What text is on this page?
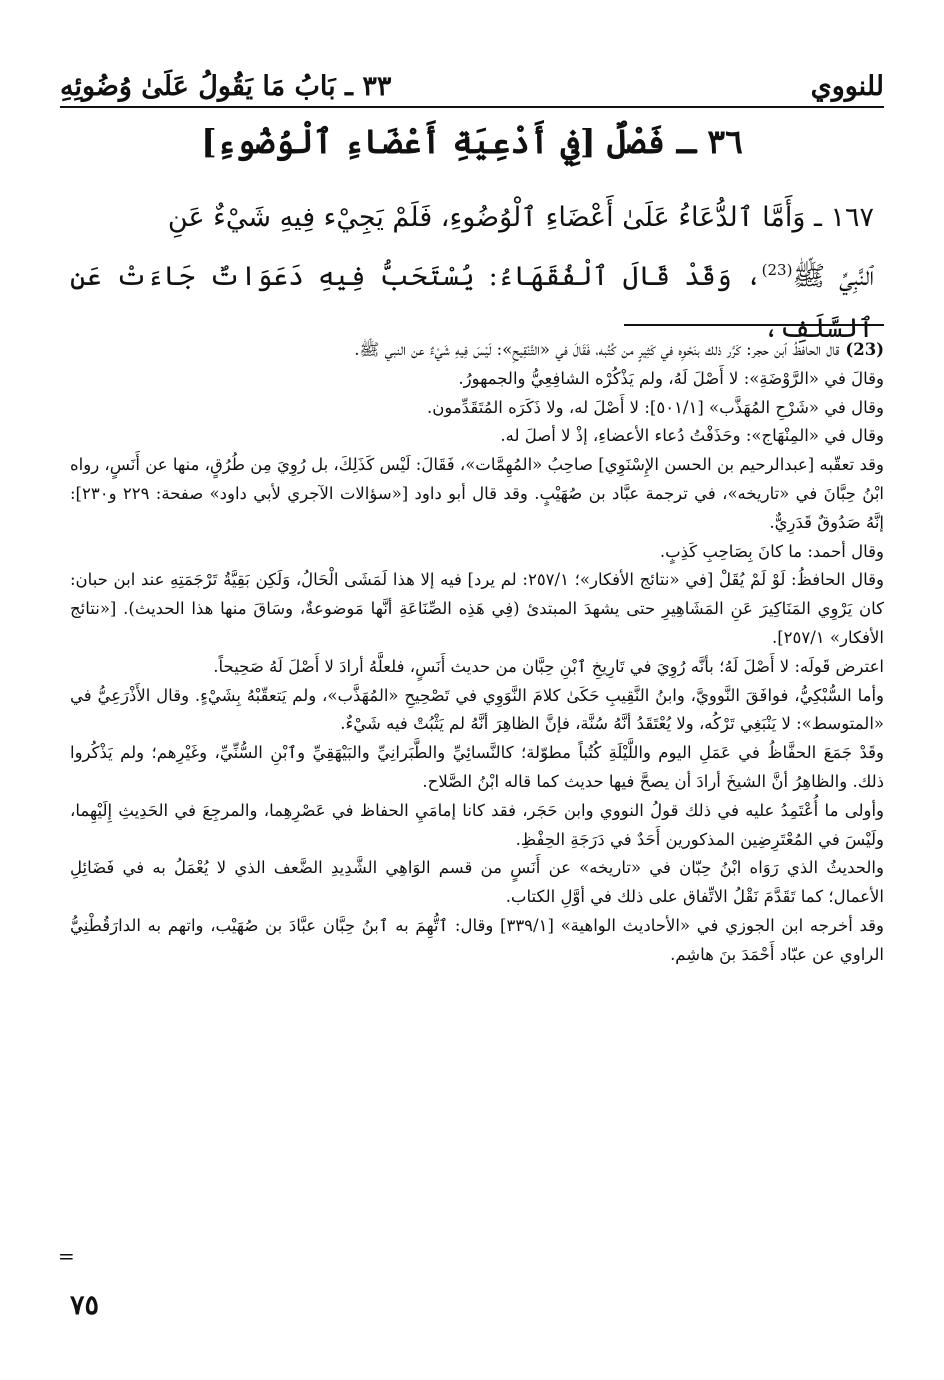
للنووي
٣٣ ـ بَابُ مَا يَقُولُ عَلَىٰ وُضُوئِهِ
٣٦ ـ فَصْلٌ [فِي أَدْعِيَةِ أَعْضَاءِ ٱلْوُضُوءِ]
١٦٧ ـ وَأَمَّا ٱلدُّعَاءُ عَلَىٰ أَعْضَاءِ ٱلْوُضُوءِ، فَلَمْ يَجِيْء فِيهِ شَيْءٌ عَنِ
ٱلنَّبِيِّ ﷺ$^{(23)}$، وَقَدْ قَالَ ٱلْفُقَهَاءُ: يُسْتَحَبُّ فِيهِ دَعَوَاتٌ جَاءَتْ عَنِ ٱلسَّلَفِ،

(23)قال الحافظُ ٱبن حجر: كَرَّر ذلك بنَحْوِه في كَثِيرٍ من كُتُبه، فَقَالَ في «التَّنْقِيحِ»: لَيْسَ فِيهِ شَيْءٌ عن النبي ﷺ.

وقالَ في «الرَّوْضَةِ»: لا أَصْلَ لَهُ، ولم يَذْكُرْه الشافِعِيُّ والجمهورُ.

وقال في «شَرْحِ المُهَذَّب» [٥٠١/١]: لا أَصْلَ له، ولا ذَكَرَه المُتَقَدِّمون.

وقال في «المِنْهَاج»: وحَذَفْتُ دُعاء الأعضاءِ، إذْ لا أصلَ له.

وقد تعقّبه [عبدالرحيم بن الحسن الإِسْنَوِي] صاحِبُ «المُهِمَّات»، فَقَالَ: لَيْس كَذَلِكَ، بل رُوِيَ مِن طُرُقٍ، منها عن أَنَسٍ، رواه ابْنُ حِبَّانَ في «تاريخه»، في ترجمة عبَّاد بن صُهَيْبٍ. وقد قال أبو داود [«سؤالات الآجري لأبي داود» صفحة: ٢٢٩ و٢٣٠]: إنَّهُ صَدُوقٌ قَدَرِيٌّ.

وقال أحمد: ما كانَ بِصَاحِبِ كَذِبٍ.

وقال الحافظُ: لَوْ لَمْ يُقَلْ [في «نتائج الأفكار»؛ ٢٥٧/١: لم يرد] فيه إلا هذا لَمَشَى الْحَالُ، وَلَكِن بَقِيَّةُ تَرْجَمَتِهِ عند ابن حبان: كان يَرْوِي المَنَاكِيرَ عَنِ المَشَاهِيرِ حتى يشهدَ المبتدئ (فِي هَذِه الصِّنَاعَةِ أنَّها مَوضوعةٌ، وسَاقَ منها هذا الحديث). [«نتائج الأفكار» ٢٥٧/١].

اعترض قَولَه: لا أَصْلَ لَهُ؛ بأنَّه رُوِيَ في تَارِيخِ ٱبْنِ حِبَّان من حديث أَنَسٍ، فلعلَّهُ أرادَ لا أَصْلَ لَهُ صَحِيحاً.

وأما السُّبْكِيُّ، فوافَقَ النَّوويَّ، وابنُ النَّقِيبِ حَكَىٰ كلامَ النَّوَوِي في تَصْحِيحِ «المُهَذَّب»، ولم يَتعقّبْهُ بِشَيْءٍ. وقال الأَذْرَعِيُّ في «المتوسط»: لا يَنْبَغِي تَرْكُه، ولا يُعْتَقَدُ أنَّهُ سُنَّة، فإنَّ الظاهِرَ أنَّهُ لم يَثْبُتْ فيه شَيْءٌ.

وقَدْ جَمَعَ الحفَّاظُ في عَمَلِ اليوم واللَّيْلَةِ كُتُباً مطوّلة؛ كالنَّسائِيِّ والطَّبَرانِيِّ والبَيْهَقِيِّ وٱبْنِ السُّنِّيِّ، وغَيْرِهم؛ ولم يَذْكُروا ذلك. والظاهِرُ أنَّ الشيخَ أرادَ أن يصحَّ فيها حديث كما قاله ابْنُ الصَّلاح.

وأولى ما أُعْتَمِدُ عليه في ذلك قولُ النووي وابن حَجَر، فقد كانا إمامَيِ الحفاظ في عَصْرِهِما، والمرجِعَ في الحَدِيثِ إِلَيْهِما، ولَيْسَ في المُعْتَرِضِين المذكورين أَحَدٌ في دَرَجَةِ الحِفْظِ.

والحديثُ الذي رَوَاه ابْنُ حِبّان في «تاريخه» عن أَنَسٍ من قسم الوَاهِي الشَّدِيدِ الضَّعف الذي لا يُعْمَلُ به في فَضَائِلِ الأعمال؛ كما تَقَدَّمَ نَقْلُ الاتِّفاق على ذلك في أوَّلِ الكتاب.

وقد أخرجه ابن الجوزي في «الأحاديث الواهية» [٣٣٩/١] وقال: ٱتُّهِمَ به ٱبنُ حِبَّان عبَّادَ بن صُهَيْب، واتهم به الدارَقُطْنِيُّ الراوي عن عبّاد أَحْمَدَ بنَ هاشِم.

=
٧٥
